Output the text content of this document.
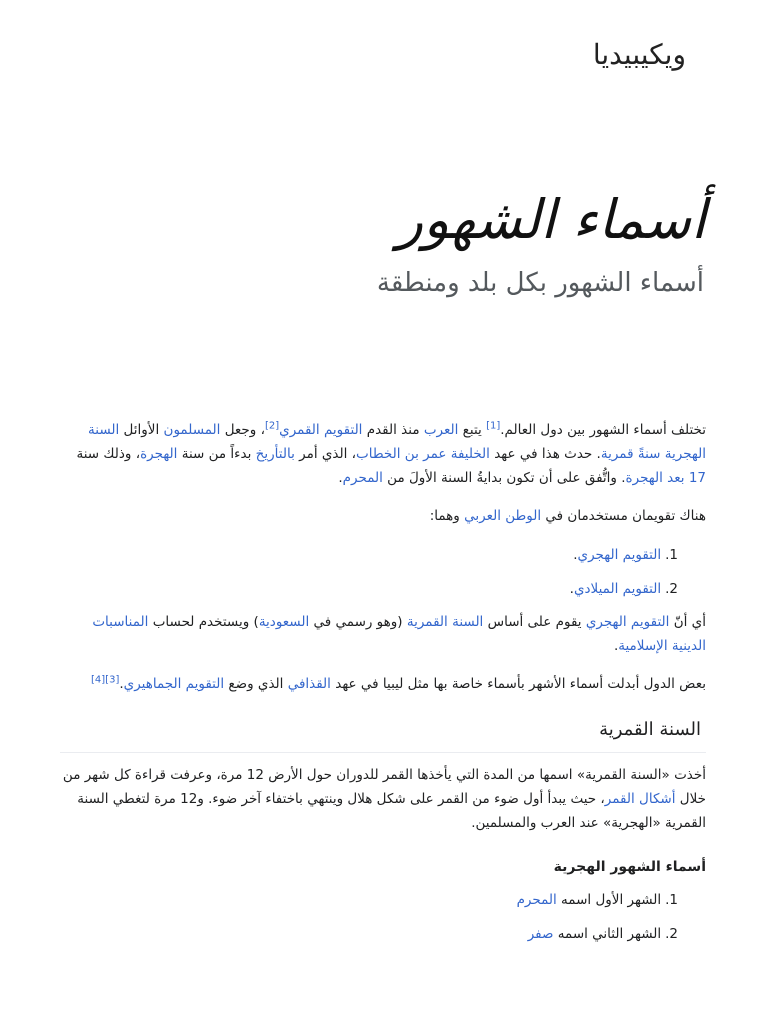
ويكيبيديا
أسماء الشهور
أسماء الشهور بكل بلد ومنطقة

تختلف أسماء الشهور بين دول العالم.[1] يتبع العرب منذ القدم التقويم القمري[2]، وجعل المسلمون الأوائل السنة الهجرية سنةً قمرية. حدث هذا في عهد الخليفة عمر بن الخطاب، الذي أمر بالتأريخ بدءاً من سنة الهجرة، وذلك سنة 17 بعد الهجرة. واتُّفق على أن تكون بدايةُ السنة الأولَ من المحرم.

هناك تقويمان مستخدمان في الوطن العربي وهما:

1.التقويم الهجري.
2.التقويم الميلادي.

أي أنّ التقويم الهجري يقوم على أساس السنة القمرية (وهو رسمي في السعودية) ويستخدم لحساب المناسبات الدينية الإسلامية.

بعض الدول أبدلت أسماء الأشهر بأسماء خاصة بها مثل ليبيا في عهد القذافي الذي وضع التقويم الجماهيري.[3][4]

السنة القمرية

أخذت «السنة القمرية» اسمها من المدة التي يأخذها القمر للدوران حول الأرض 12 مرة، وعرفت قراءة كل شهر من خلال أشكال القمر، حيث يبدأ أول ضوء من القمر على شكل هلال وينتهي باختفاء آخر ضوء. و12 مرة لتغطي السنة القمرية «الهجرية» عند العرب والمسلمين.

أسماء الشهور الهجرية
1.الشهر الأول اسمه المحرم
2.الشهر الثاني اسمه صفر
